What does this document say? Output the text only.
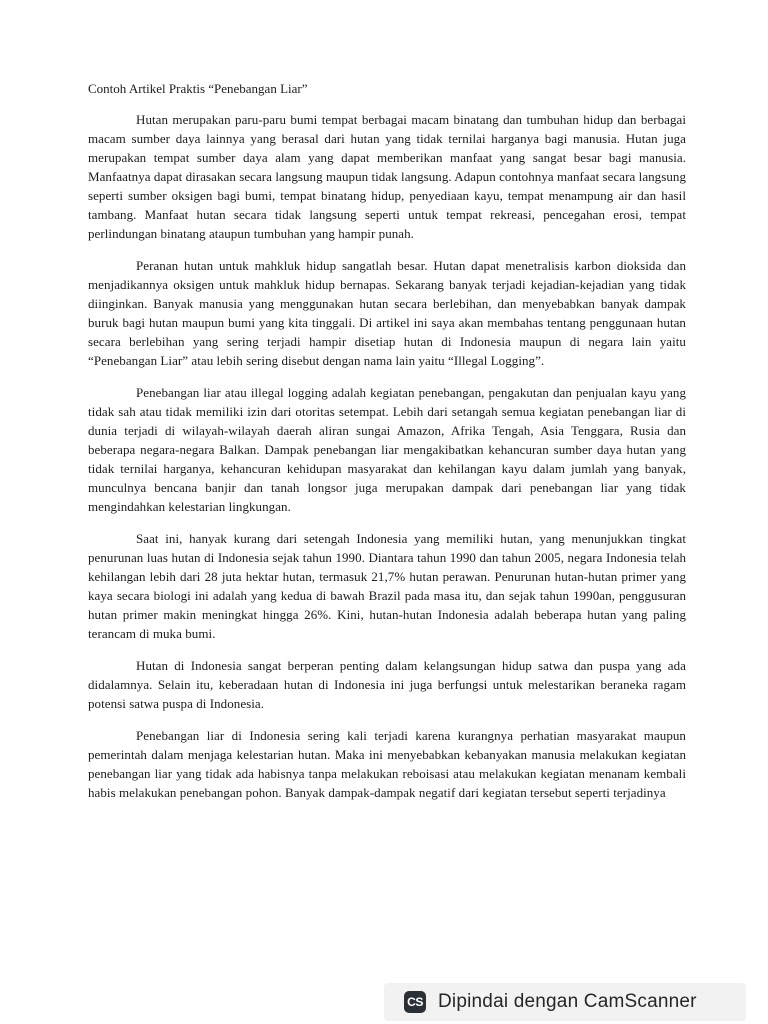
Contoh Artikel Praktis “Penebangan Liar”

Hutan merupakan paru-paru bumi tempat berbagai macam binatang dan tumbuhan hidup dan berbagai macam sumber daya lainnya yang berasal dari hutan yang tidak ternilai harganya bagi manusia. Hutan juga merupakan tempat sumber daya alam yang dapat memberikan manfaat yang sangat besar bagi manusia. Manfaatnya dapat dirasakan secara langsung maupun tidak langsung. Adapun contohnya manfaat secara langsung seperti sumber oksigen bagi bumi, tempat binatang hidup, penyediaan kayu, tempat menampung air dan hasil tambang. Manfaat hutan secara tidak langsung seperti untuk tempat rekreasi, pencegahan erosi, tempat perlindungan binatang ataupun tumbuhan yang hampir punah.

Peranan hutan untuk mahkluk hidup sangatlah besar. Hutan dapat menetralisis karbon dioksida dan menjadikannya oksigen untuk mahkluk hidup bernapas. Sekarang banyak terjadi kejadian-kejadian yang tidak diinginkan. Banyak manusia yang menggunakan hutan secara berlebihan, dan menyebabkan banyak dampak buruk bagi hutan maupun bumi yang kita tinggali. Di artikel ini saya akan membahas tentang penggunaan hutan secara berlebihan yang sering terjadi hampir disetiap hutan di Indonesia maupun di negara lain yaitu “Penebangan Liar” atau lebih sering disebut dengan nama lain yaitu “Illegal Logging”.

Penebangan liar atau illegal logging adalah kegiatan penebangan, pengakutan dan penjualan kayu yang tidak sah atau tidak memiliki izin dari otoritas setempat. Lebih dari setangah semua kegiatan penebangan liar di dunia terjadi di wilayah-wilayah daerah aliran sungai Amazon, Afrika Tengah, Asia Tenggara, Rusia dan beberapa negara-negara Balkan. Dampak penebangan liar mengakibatkan kehancuran sumber daya hutan yang tidak ternilai harganya, kehancuran kehidupan masyarakat dan kehilangan kayu dalam jumlah yang banyak, munculnya bencana banjir dan tanah longsor juga merupakan dampak dari penebangan liar yang tidak mengindahkan kelestarian lingkungan.

Saat ini, hanyak kurang dari setengah Indonesia yang memiliki hutan, yang menunjukkan tingkat penurunan luas hutan di Indonesia sejak tahun 1990. Diantara tahun 1990 dan tahun 2005, negara Indonesia telah kehilangan lebih dari 28 juta hektar hutan, termasuk 21,7% hutan perawan. Penurunan hutan-hutan primer yang kaya secara biologi ini adalah yang kedua di bawah Brazil pada masa itu, dan sejak tahun 1990an, penggusuran hutan primer makin meningkat hingga 26%. Kini, hutan-hutan Indonesia adalah beberapa hutan yang paling terancam di muka bumi.

Hutan di Indonesia sangat berperan penting dalam kelangsungan hidup satwa dan puspa yang ada didalamnya. Selain itu, keberadaan hutan di Indonesia ini juga berfungsi untuk melestarikan beraneka ragam potensi satwa puspa di Indonesia.

Penebangan liar di Indonesia sering kali terjadi karena kurangnya perhatian masyarakat maupun pemerintah dalam menjaga kelestarian hutan. Maka ini menyebabkan kebanyakan manusia melakukan kegiatan penebangan liar yang tidak ada habisnya tanpa melakukan reboisasi atau melakukan kegiatan menanam kembali habis melakukan penebangan pohon. Banyak dampak-dampak negatif dari kegiatan tersebut seperti terjadinya

CS Dipindai dengan CamScanner
